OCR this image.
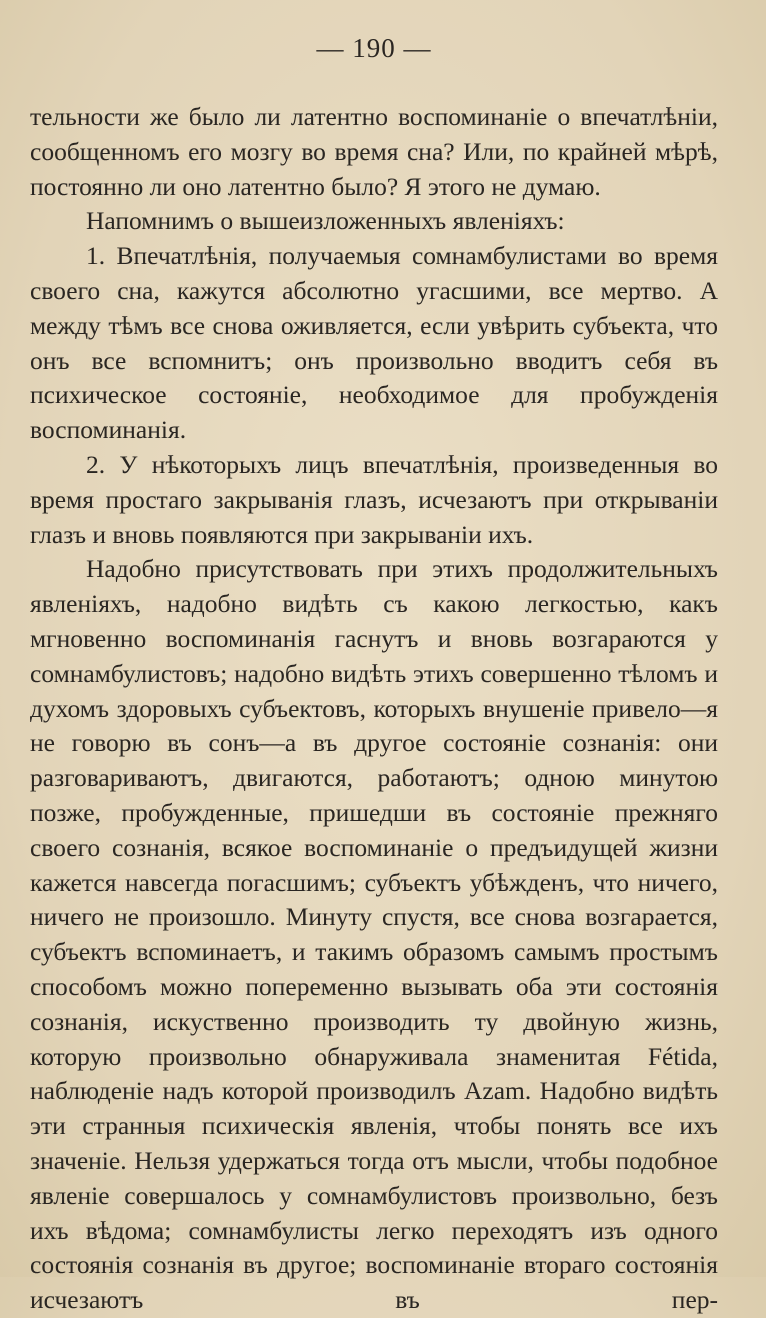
— 190 —

тельности же было ли латентно воспоминаніе о впечатлѣніи, сообщенномъ его мозгу во время сна? Или, по крайней мѣрѣ, постоянно ли оно латентно было? Я этого не думаю.

Напомнимъ о вышеизложенныхъ явленіяхъ:

1. Впечатлѣнія, получаемыя сомнамбулистами во время своего сна, кажутся абсолютно угасшими, все мертво. А между тѣмъ все снова оживляется, если увѣрить субъекта, что онъ все вспомнитъ; онъ произвольно вводитъ себя въ психическое состояніе, необходимое для пробужденія воспоминанія.

2. У нѣкоторыхъ лицъ впечатлѣнія, произведенныя во время простаго закрыванія глазъ, исчезаютъ при открываніи глазъ и вновь появляются при закрываніи ихъ.

Надобно присутствовать при этихъ продолжительныхъ явленіяхъ, надобно видѣть съ какою легкостью, какъ мгновенно воспоминанія гаснутъ и вновь возгараются у сомнамбулистовъ; надобно видѣть этихъ совершенно тѣломъ и духомъ здоровыхъ субъектовъ, которыхъ внушеніе привело—я не говорю въ сонъ—а въ другое состояніе сознанія: они разговариваютъ, двигаются, работаютъ; одною минутою позже, пробужденные, пришедши въ состояніе прежняго своего сознанія, всякое воспоминаніе о предъидущей жизни кажется навсегда погасшимъ; субъектъ убѣжденъ, что ничего, ничего не произошло. Минуту спустя, все снова возгарается, субъектъ вспоминаетъ, и такимъ образомъ самымъ простымъ способомъ можно попеременно вызывать оба эти состоянія сознанія, искуственно производить ту двойную жизнь, которую произвольно обнаруживала знаменитая Fétida, наблюденіе надъ которой производилъ Azam. Надобно видѣть эти странныя психическія явленія, чтобы понять все ихъ значеніе. Нельзя удержаться тогда отъ мысли, чтобы подобное явленіе совершалось у сомнамбулистовъ произвольно, безъ ихъ вѣдома; сомнамбулисты легко переходятъ изъ одного состоянія сознанія въ другое; воспоминаніе втораго состоянія исчезаютъ въ пер-
